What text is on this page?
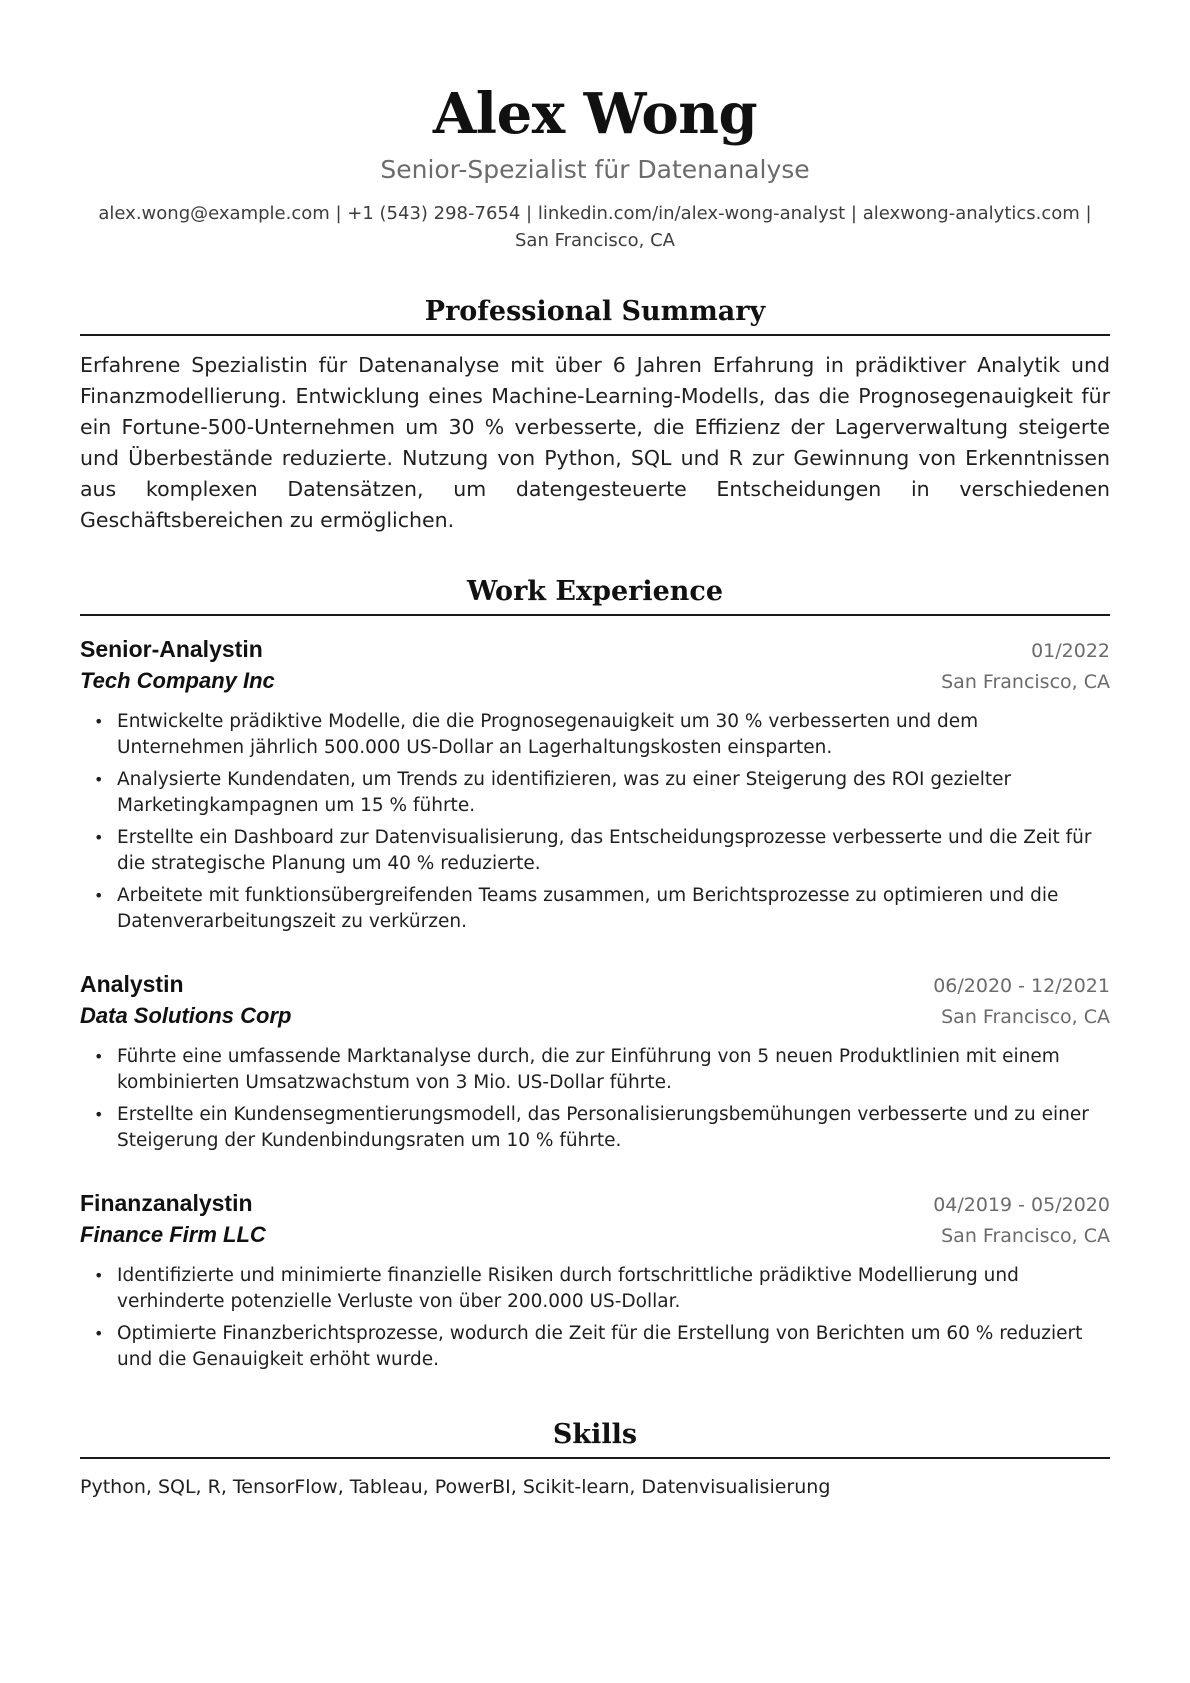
Alex Wong
Senior-Spezialist für Datenanalyse
alex.wong@example.com | +1 (543) 298-7654 | linkedin.com/in/alex-wong-analyst | alexwong-analytics.com |
San Francisco, CA
Professional Summary
Erfahrene Spezialistin für Datenanalyse mit über 6 Jahren Erfahrung in prädiktiver Analytik und Finanzmodellierung. Entwicklung eines Machine-Learning-Modells, das die Prognosegenauigkeit für ein Fortune-500-Unternehmen um 30 % verbesserte, die Effizienz der Lagerverwaltung steigerte und Überbestände reduzierte. Nutzung von Python, SQL und R zur Gewinnung von Erkenntnissen aus komplexen Datensätzen, um datengesteuerte Entscheidungen in verschiedenen Geschäftsbereichen zu ermöglichen.
Work Experience
Senior-Analystin	01/2022
Tech Company Inc	San Francisco, CA
• Entwickelte prädiktive Modelle, die die Prognosegenauigkeit um 30 % verbesserten und dem Unternehmen jährlich 500.000 US-Dollar an Lagerhaltungskosten einsparten.
• Analysierte Kundendaten, um Trends zu identifizieren, was zu einer Steigerung des ROI gezielter Marketingkampagnen um 15 % führte.
• Erstellte ein Dashboard zur Datenvisualisierung, das Entscheidungsprozesse verbesserte und die Zeit für die strategische Planung um 40 % reduzierte.
• Arbeitete mit funktionsübergreifenden Teams zusammen, um Berichtsprozesse zu optimieren und die Datenverarbeitungszeit zu verkürzen.
Analystin	06/2020 - 12/2021
Data Solutions Corp	San Francisco, CA
• Führte eine umfassende Marktanalyse durch, die zur Einführung von 5 neuen Produktlinien mit einem kombinierten Umsatzwachstum von 3 Mio. US-Dollar führte.
• Erstellte ein Kundensegmentierungsmodell, das Personalisierungsbemühungen verbesserte und zu einer Steigerung der Kundenbindungsraten um 10 % führte.
Finanzanalystin	04/2019 - 05/2020
Finance Firm LLC	San Francisco, CA
• Identifizierte und minimierte finanzielle Risiken durch fortschrittliche prädiktive Modellierung und verhinderte potenzielle Verluste von über 200.000 US-Dollar.
• Optimierte Finanzberichtsprozesse, wodurch die Zeit für die Erstellung von Berichten um 60 % reduziert und die Genauigkeit erhöht wurde.
Skills
Python, SQL, R, TensorFlow, Tableau, PowerBI, Scikit-learn, Datenvisualisierung
